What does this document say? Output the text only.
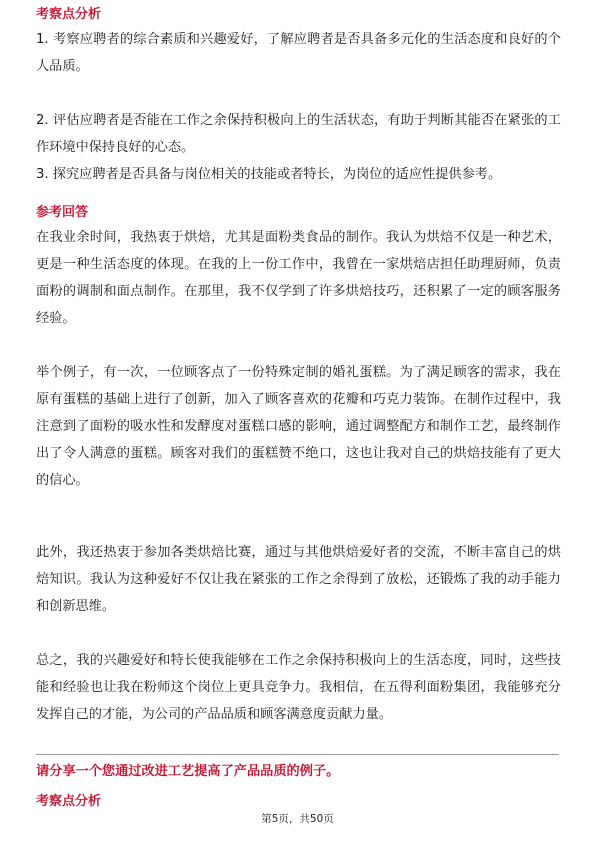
考察点分析

1. 考察应聘者的综合素质和兴趣爱好，了解应聘者是否具备多元化的生活态度和良好的个人品质。

2. 评估应聘者是否能在工作之余保持积极向上的生活状态，有助于判断其能否在紧张的工作环境中保持良好的心态。

3. 探究应聘者是否具备与岗位相关的技能或者特长，为岗位的适应性提供参考。

参考回答

在我业余时间，我热衷于烘焙，尤其是面粉类食品的制作。我认为烘焙不仅是一种艺术，更是一种生活态度的体现。在我的上一份工作中，我曾在一家烘焙店担任助理厨师，负责面粉的调制和面点制作。在那里，我不仅学到了许多烘焙技巧，还积累了一定的顾客服务经验。

举个例子，有一次，一位顾客点了一份特殊定制的婚礼蛋糕。为了满足顾客的需求，我在原有蛋糕的基础上进行了创新，加入了顾客喜欢的花瓣和巧克力装饰。在制作过程中，我注意到了面粉的吸水性和发酵度对蛋糕口感的影响，通过调整配方和制作工艺，最终制作出了令人满意的蛋糕。顾客对我们的蛋糕赞不绝口，这也让我对自己的烘焙技能有了更大的信心。

此外，我还热衷于参加各类烘焙比赛，通过与其他烘焙爱好者的交流，不断丰富自己的烘焙知识。我认为这种爱好不仅让我在紧张的工作之余得到了放松，还锻炼了我的动手能力和创新思维。

总之，我的兴趣爱好和特长使我能够在工作之余保持积极向上的生活态度，同时，这些技能和经验也让我在粉师这个岗位上更具竞争力。我相信，在五得利面粉集团，我能够充分发挥自己的才能，为公司的产品品质和顾客满意度贡献力量。

请分享一个您通过改进工艺提高了产品品质的例子。

考察点分析
第5页，共50页
